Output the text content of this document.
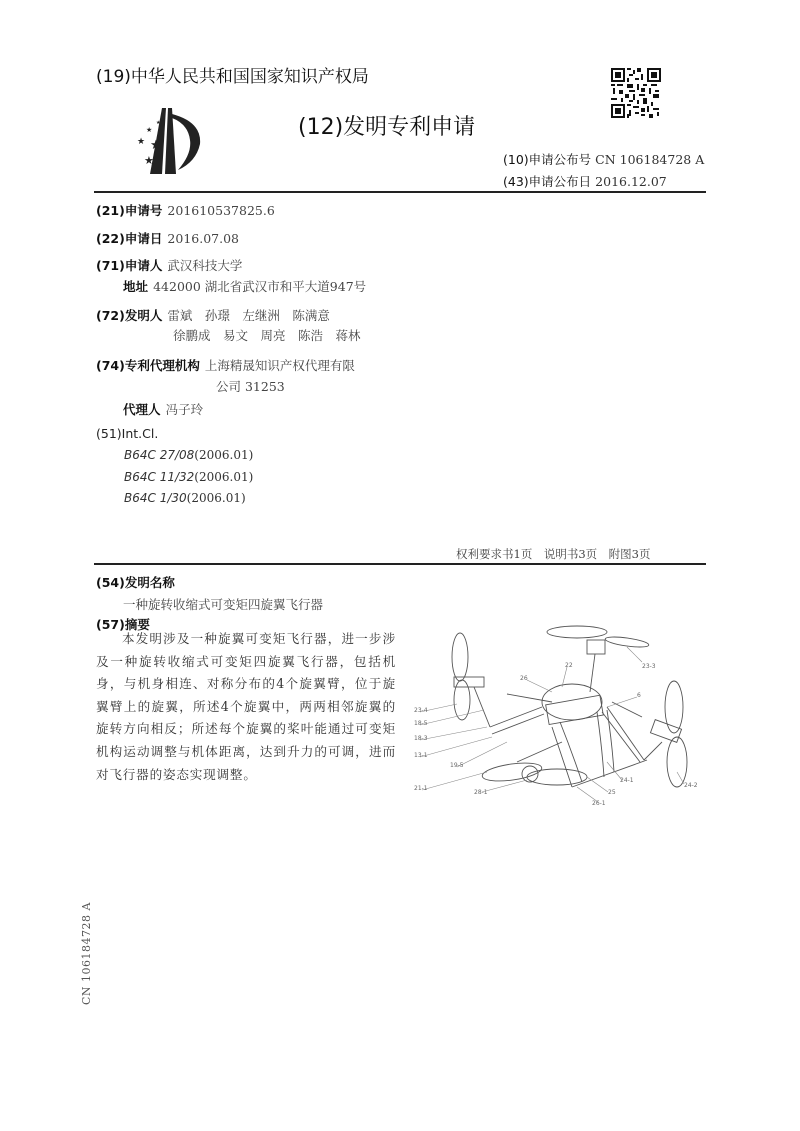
(19)中华人民共和国国家知识产权局
★
★
★
★
★	(12)发明专利申请
(10)申请公布号 CN 106184728 A
(43)申请公布日 2016.12.07
(21)申请号 201610537825.6
(22)申请日 2016.07.08
(71)申请人 武汉科技大学
地址 442000 湖北省武汉市和平大道947号
(72)发明人 雷斌　孙璟　左继洲　陈满意
徐鹏成　易文　周亮　陈浩　蒋林
(74)专利代理机构 上海精晟知识产权代理有限
公司 31253
代理人 冯子玲
(51)Int.Cl.
B64C 27/08(2006.01)
B64C 11/32(2006.01)
B64C 1/30(2006.01)
权利要求书1页　说明书3页　附图3页
(54)发明名称
一种旋转收缩式可变矩四旋翼飞行器
(57)摘要
本发明涉及一种旋翼可变矩飞行器，进一步涉及一种旋转收缩式可变矩四旋翼飞行器，包括机身，与机身相连、对称分布的4个旋翼臂，位于旋翼臂上的旋翼，所述4个旋翼中，两两相邻旋翼的旋转方向相反；所述每个旋翼的桨叶能通过可变矩机构运动调整与机体距离，达到升力的可调，进而对飞行器的姿态实现调整。
23-4
18-5
18-3
13-1
19-5
21-1
28-1
23-3
26
22
6
24-1
25
26-1
24-2
CN 106184728 A
